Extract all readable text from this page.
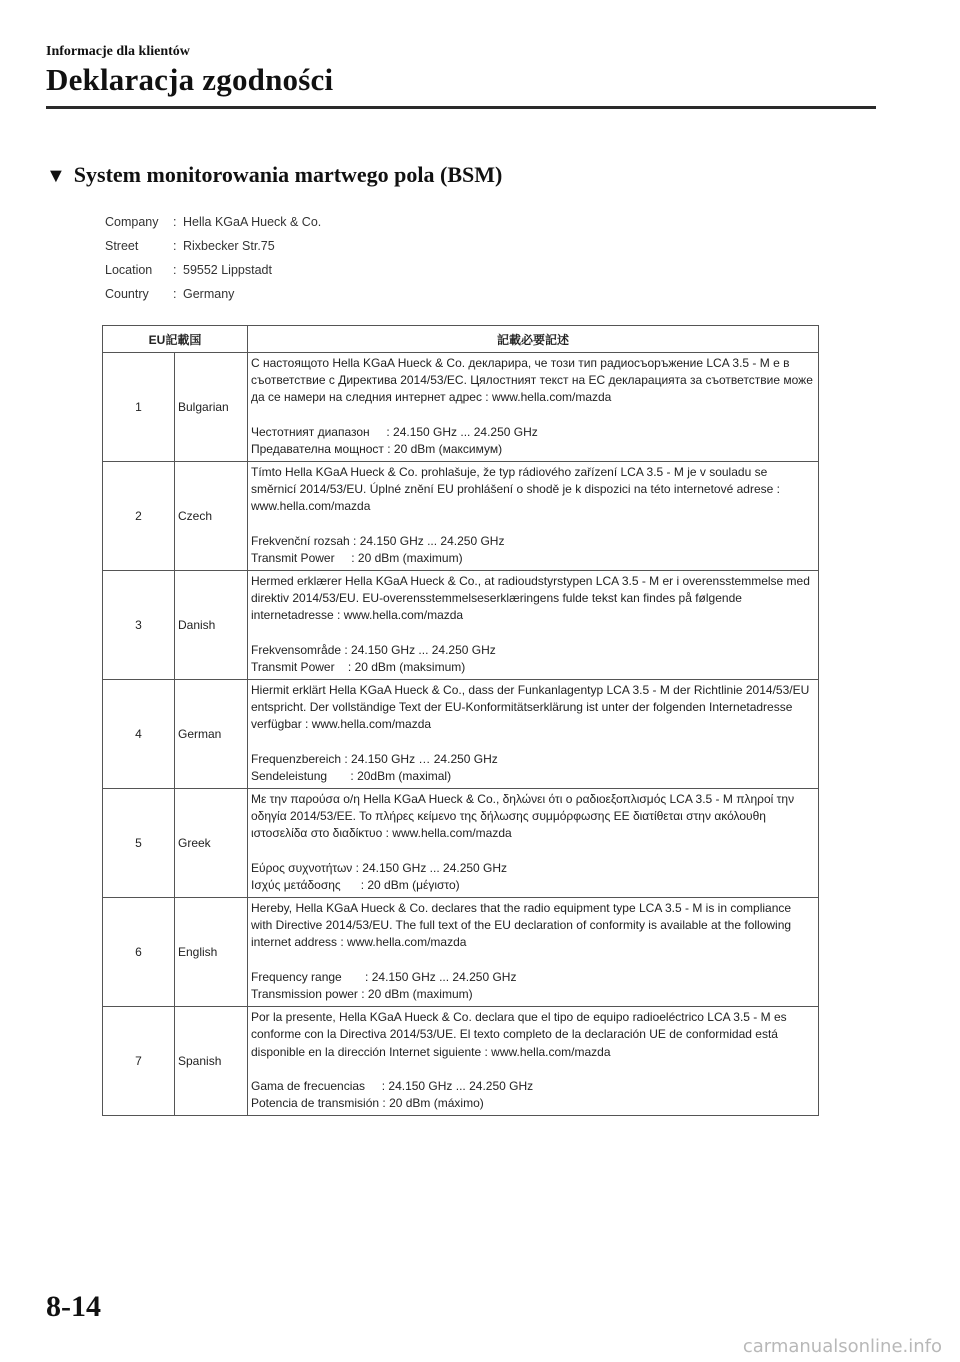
Informacje dla klientów
Deklaracja zgodności
▼ System monitorowania martwego pola (BSM)
Company	: Hella KGaA Hueck & Co.
Street	: Rixbecker Str.75
Location	: 59552 Lippstadt
Country	: Germany
EU記載国		記載必要記述
1	Bulgarian	С настоящото Hella KGaA Hueck & Co. декларира, че този тип радиосъоръжение LCA 3.5 - M е в съответствие с Директива 2014/53/ЕС. Цялостният текст на ЕС декларацията за съответствие може да се намери на следния интернет адрес : www.hella.com/mazda
Честотният диапазон     : 24.150 GHz ... 24.250 GHz
Предавателна мощност : 20 dBm (максимум)

2	Czech	Tímto Hella KGaA Hueck & Co. prohlašuje, že typ rádiového zařízení LCA 3.5 - M je v souladu se směrnicí 2014/53/EU. Úplné znění EU prohlášení o shodě je k dispozici na této internetové adrese : www.hella.com/mazda
Frekvenční rozsah : 24.150 GHz ... 24.250 GHz
Transmit Power     : 20 dBm (maximum)

3	Danish	Hermed erklærer Hella KGaA Hueck & Co., at radioudstyrstypen LCA 3.5 - M er i overensstemmelse med direktiv 2014/53/EU. EU-overensstemmelseserklæringens fulde tekst kan findes på følgende internetadresse : www.hella.com/mazda
Frekvensområde : 24.150 GHz ... 24.250 GHz
Transmit Power    : 20 dBm (maksimum)

4	German	Hiermit erklärt Hella KGaA Hueck & Co., dass der Funkanlagentyp LCA 3.5 - M der Richtlinie 2014/53/EU entspricht. Der vollständige Text der EU-Konformitätserklärung ist unter der folgenden Internetadresse verfügbar : www.hella.com/mazda
Frequenzbereich : 24.150 GHz … 24.250 GHz
Sendeleistung       : 20dBm (maximal)

5	Greek	Με την παρούσα ο/η Hella KGaA Hueck & Co., δηλώνει ότι ο ραδιοεξοπλισμός LCA 3.5 - M πληροί την οδηγία 2014/53/ΕΕ. Το πλήρες κείμενο της δήλωσης συμμόρφωσης ΕΕ διατίθεται στην ακόλουθη ιστοσελίδα στο διαδίκτυο : www.hella.com/mazda
Εύρος συχνοτήτων : 24.150 GHz ... 24.250 GHz
Ισχύς μετάδοσης      : 20 dBm (μέγιστο)

6	English	Hereby, Hella KGaA Hueck & Co. declares that the radio equipment type LCA 3.5 - M is in compliance with Directive 2014/53/EU. The full text of the EU declaration of conformity is available at the following internet address : www.hella.com/mazda
Frequency range       : 24.150 GHz ... 24.250 GHz
Transmission power : 20 dBm (maximum)

7	Spanish	Por la presente, Hella KGaA Hueck & Co. declara que el tipo de equipo radioeléctrico LCA 3.5 - M es conforme con la Directiva 2014/53/UE. El texto completo de la declaración UE de conformidad está disponible en la dirección Internet siguiente : www.hella.com/mazda
Gama de frecuencias     : 24.150 GHz ... 24.250 GHz
Potencia de transmisión : 20 dBm (máximo)
8-14
carmanualsonline.info
